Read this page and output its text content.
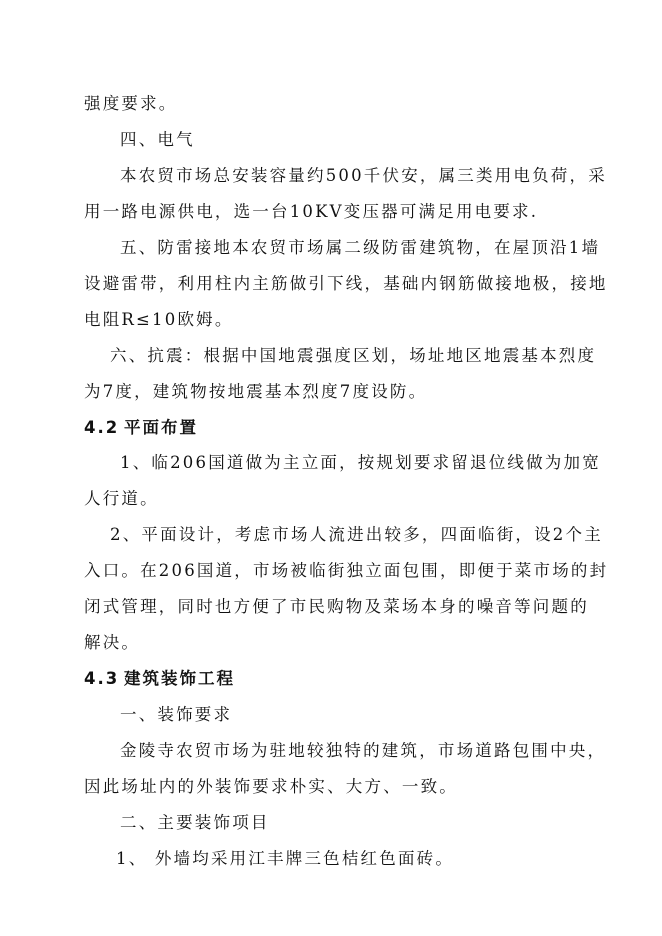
强度要求。
四、电气
本农贸市场总安装容量约500千伏安，属三类用电负荷，采
用一路电源供电，选一台10KV变压器可满足用电要求.
五、防雷接地本农贸市场属二级防雷建筑物，在屋顶沿1墙
设避雷带，利用柱内主筋做引下线，基础内钢筋做接地极，接地
电阻R≤10欧姆。
六、抗震：根据中国地震强度区划，场址地区地震基本烈度
为7度，建筑物按地震基本烈度7度设防。
4.2 平面布置
1、临206国道做为主立面，按规划要求留退位线做为加宽
人行道。
2、平面设计，考虑市场人流进出较多，四面临街，设2个主
入口。在206国道，市场被临街独立面包围，即便于菜市场的封
闭式管理，同时也方便了市民购物及菜场本身的噪音等问题的
解决。
4.3 建筑装饰工程
一、装饰要求
金陵寺农贸市场为驻地较独特的建筑，市场道路包围中央，
因此场址内的外装饰要求朴实、大方、一致。
二、主要装饰项目
1、 外墙均采用江丰牌三色桔红色面砖。
